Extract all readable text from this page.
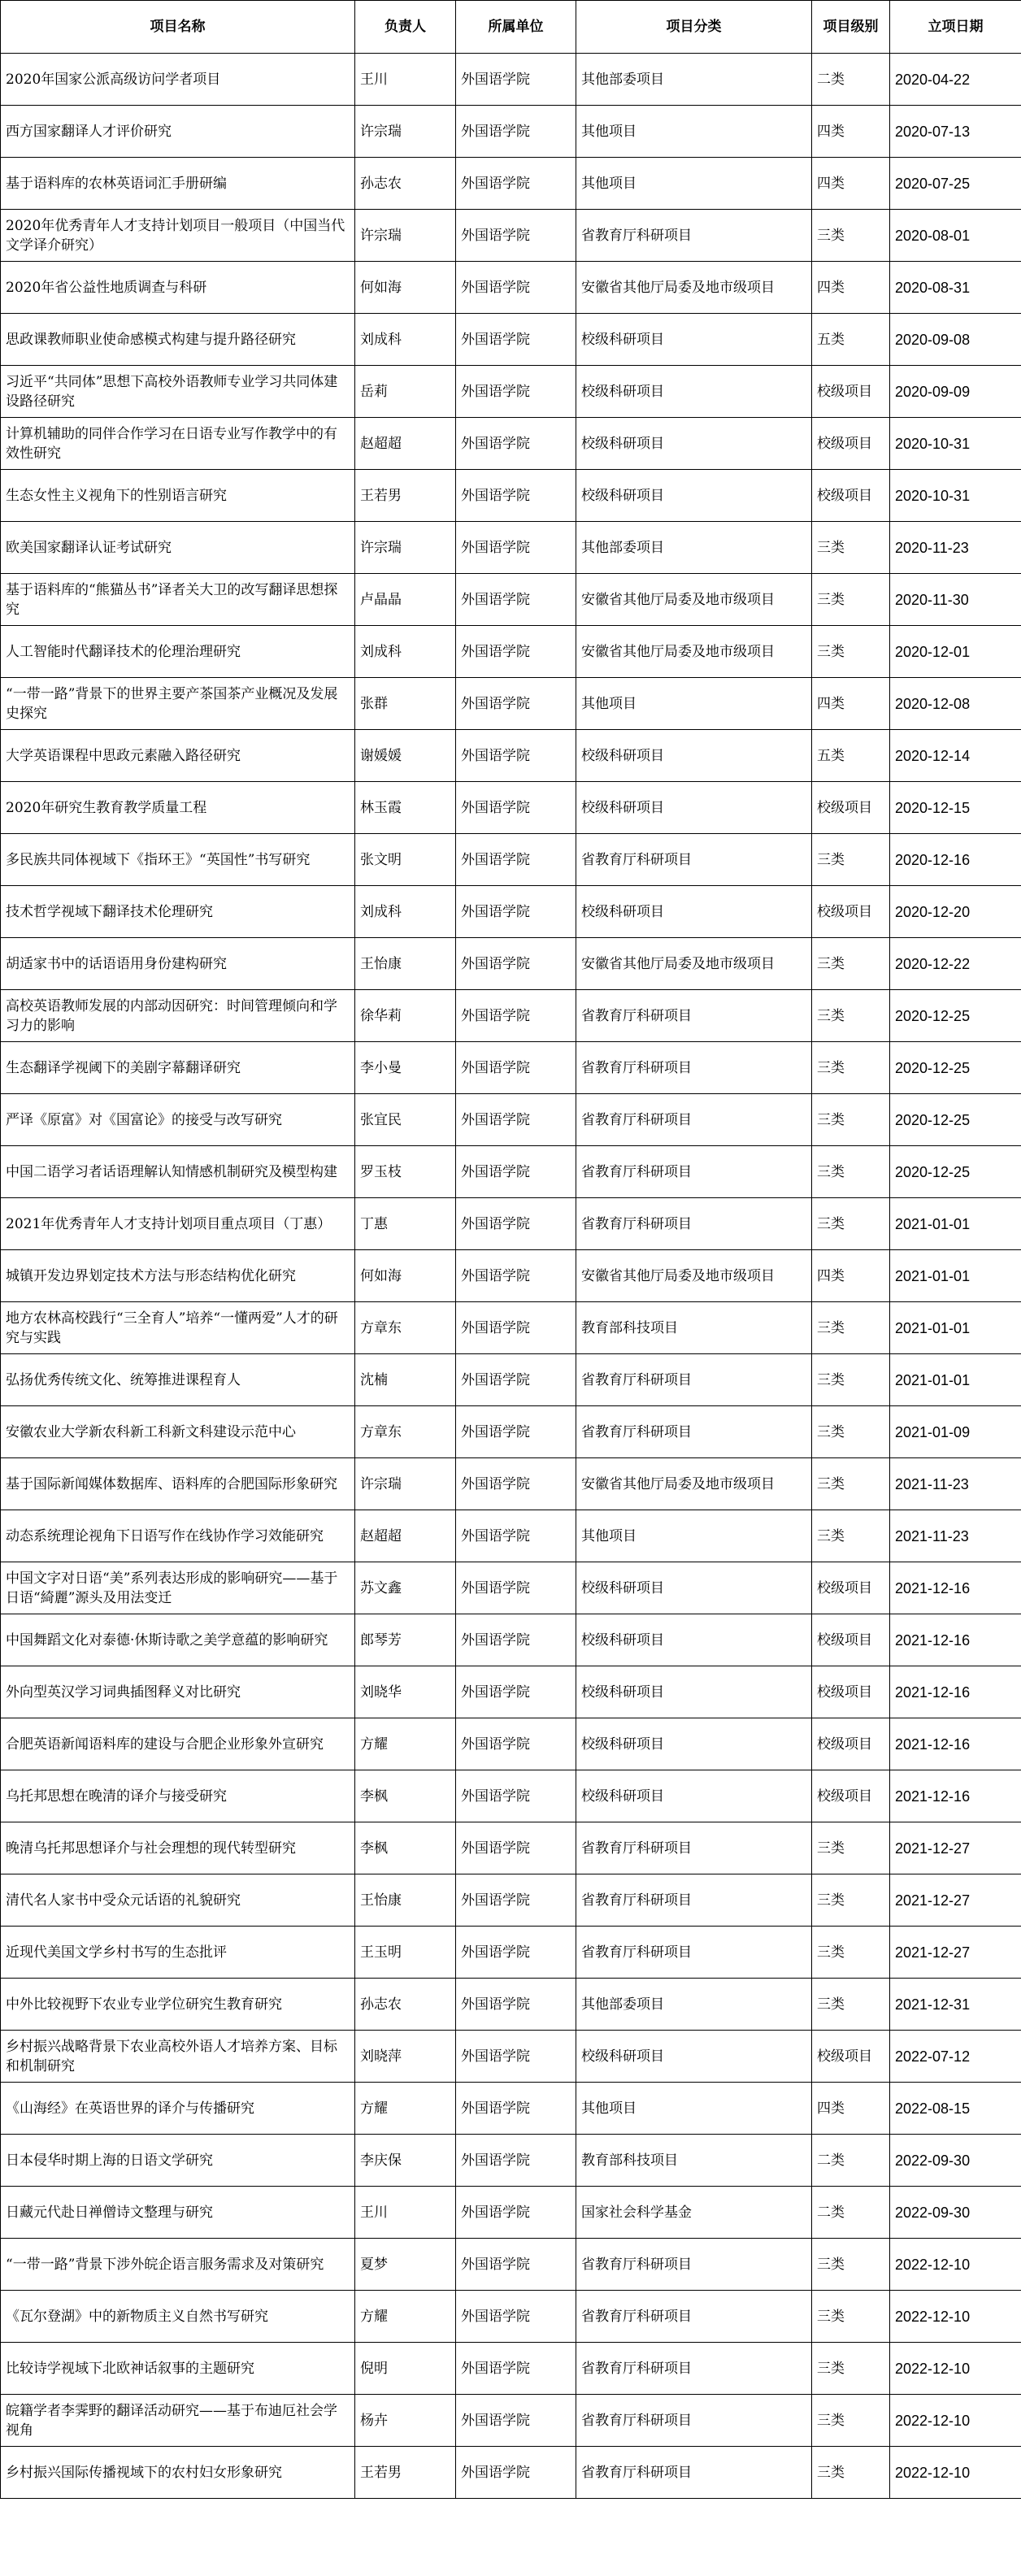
项目名称	负责人	所属单位	项目分类	项目级别	立项日期
2020年国家公派高级访问学者项目	王川	外国语学院	其他部委项目	二类	2020-04-22
西方国家翻译人才评价研究	许宗瑞	外国语学院	其他项目	四类	2020-07-13
基于语料库的农林英语词汇手册研编	孙志农	外国语学院	其他项目	四类	2020-07-25
2020年优秀青年人才支持计划项目一般项目（中国当代文学译介研究）	许宗瑞	外国语学院	省教育厅科研项目	三类	2020-08-01
2020年省公益性地质调查与科研	何如海	外国语学院	安徽省其他厅局委及地市级项目	四类	2020-08-31
思政课教师职业使命感模式构建与提升路径研究	刘成科	外国语学院	校级科研项目	五类	2020-09-08
习近平“共同体”思想下高校外语教师专业学习共同体建设路径研究	岳莉	外国语学院	校级科研项目	校级项目	2020-09-09
计算机辅助的同伴合作学习在日语专业写作教学中的有效性研究	赵超超	外国语学院	校级科研项目	校级项目	2020-10-31
生态女性主义视角下的性别语言研究	王若男	外国语学院	校级科研项目	校级项目	2020-10-31
欧美国家翻译认证考试研究	许宗瑞	外国语学院	其他部委项目	三类	2020-11-23
基于语料库的“熊猫丛书”译者关大卫的改写翻译思想探究	卢晶晶	外国语学院	安徽省其他厅局委及地市级项目	三类	2020-11-30
人工智能时代翻译技术的伦理治理研究	刘成科	外国语学院	安徽省其他厅局委及地市级项目	三类	2020-12-01
“一带一路”背景下的世界主要产茶国茶产业概况及发展史探究	张群	外国语学院	其他项目	四类	2020-12-08
大学英语课程中思政元素融入路径研究	谢媛媛	外国语学院	校级科研项目	五类	2020-12-14
2020年研究生教育教学质量工程	林玉霞	外国语学院	校级科研项目	校级项目	2020-12-15
多民族共同体视域下《指环王》“英国性”书写研究	张文明	外国语学院	省教育厅科研项目	三类	2020-12-16
技术哲学视域下翻译技术伦理研究	刘成科	外国语学院	校级科研项目	校级项目	2020-12-20
胡适家书中的话语语用身份建构研究	王怡康	外国语学院	安徽省其他厅局委及地市级项目	三类	2020-12-22
高校英语教师发展的内部动因研究：时间管理倾向和学习力的影响	徐华莉	外国语学院	省教育厅科研项目	三类	2020-12-25
生态翻译学视阈下的美剧字幕翻译研究	李小曼	外国语学院	省教育厅科研项目	三类	2020-12-25
严译《原富》对《国富论》的接受与改写研究	张宜民	外国语学院	省教育厅科研项目	三类	2020-12-25
中国二语学习者话语理解认知情感机制研究及模型构建	罗玉枝	外国语学院	省教育厅科研项目	三类	2020-12-25
2021年优秀青年人才支持计划项目重点项目（丁惠）	丁惠	外国语学院	省教育厅科研项目	三类	2021-01-01
城镇开发边界划定技术方法与形态结构优化研究	何如海	外国语学院	安徽省其他厅局委及地市级项目	四类	2021-01-01
地方农林高校践行“三全育人”培养“一懂两爱”人才的研究与实践	方章东	外国语学院	教育部科技项目	三类	2021-01-01
弘扬优秀传统文化、统筹推进课程育人	沈楠	外国语学院	省教育厅科研项目	三类	2021-01-01
安徽农业大学新农科新工科新文科建设示范中心	方章东	外国语学院	省教育厅科研项目	三类	2021-01-09
基于国际新闻媒体数据库、语料库的合肥国际形象研究	许宗瑞	外国语学院	安徽省其他厅局委及地市级项目	三类	2021-11-23
动态系统理论视角下日语写作在线协作学习效能研究	赵超超	外国语学院	其他项目	三类	2021-11-23
中国文字对日语“美”系列表达形成的影响研究——基于日语“綺麗”源头及用法变迁	苏文鑫	外国语学院	校级科研项目	校级项目	2021-12-16
中国舞蹈文化对泰德·休斯诗歌之美学意蕴的影响研究	郎琴芳	外国语学院	校级科研项目	校级项目	2021-12-16
外向型英汉学习词典插图释义对比研究	刘晓华	外国语学院	校级科研项目	校级项目	2021-12-16
合肥英语新闻语料库的建设与合肥企业形象外宣研究	方耀	外国语学院	校级科研项目	校级项目	2021-12-16
乌托邦思想在晚清的译介与接受研究	李枫	外国语学院	校级科研项目	校级项目	2021-12-16
晚清乌托邦思想译介与社会理想的现代转型研究	李枫	外国语学院	省教育厅科研项目	三类	2021-12-27
清代名人家书中受众元话语的礼貌研究	王怡康	外国语学院	省教育厅科研项目	三类	2021-12-27
近现代美国文学乡村书写的生态批评	王玉明	外国语学院	省教育厅科研项目	三类	2021-12-27
中外比较视野下农业专业学位研究生教育研究	孙志农	外国语学院	其他部委项目	三类	2021-12-31
乡村振兴战略背景下农业高校外语人才培养方案、目标和机制研究	刘晓萍	外国语学院	校级科研项目	校级项目	2022-07-12
《山海经》在英语世界的译介与传播研究	方耀	外国语学院	其他项目	四类	2022-08-15
日本侵华时期上海的日语文学研究	李庆保	外国语学院	教育部科技项目	二类	2022-09-30
日藏元代赴日禅僧诗文整理与研究	王川	外国语学院	国家社会科学基金	二类	2022-09-30
“一带一路”背景下涉外皖企语言服务需求及对策研究	夏梦	外国语学院	省教育厅科研项目	三类	2022-12-10
《瓦尔登湖》中的新物质主义自然书写研究	方耀	外国语学院	省教育厅科研项目	三类	2022-12-10
比较诗学视域下北欧神话叙事的主题研究	倪明	外国语学院	省教育厅科研项目	三类	2022-12-10
皖籍学者李霁野的翻译活动研究——基于布迪厄社会学视角	杨卉	外国语学院	省教育厅科研项目	三类	2022-12-10
乡村振兴国际传播视域下的农村妇女形象研究	王若男	外国语学院	省教育厅科研项目	三类	2022-12-10
